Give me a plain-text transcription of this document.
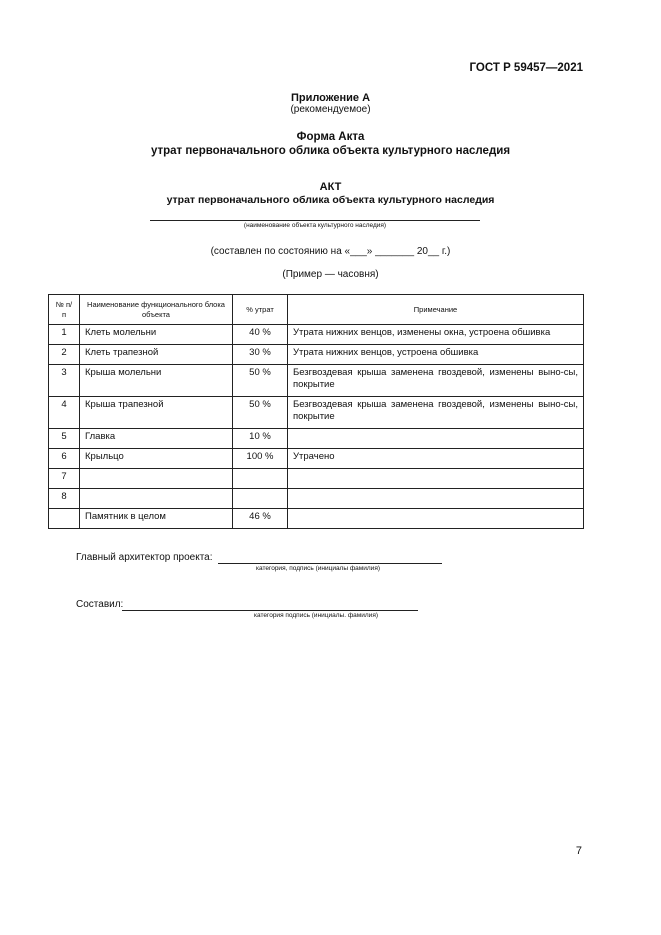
ГОСТ Р 59457—2021
Приложение А
(рекомендуемое)
Форма Акта
утрат первоначального облика объекта культурного наследия
АКТ
утрат первоначального облика объекта культурного наследия
(наименование объекта культурного наследия)
(составлен по состоянию на «___» _______ 20__ г.)
(Пример — часовня)
№ п/п	Наименование функционального блока объекта	% утрат	Примечание
1	Клеть молельни	40 %	Утрата нижних венцов, изменены окна, устроена обшивка
2	Клеть трапезной	30 %	Утрата нижних венцов, устроена обшивка
3	Крыша молельни	50 %	Безгвоздевая крыша заменена гвоздевой, изменены выно-сы, покрытие
4	Крыша трапезной	50 %	Безгвоздевая крыша заменена гвоздевой, изменены выно-сы, покрытие
5	Главка	10 %	
6	Крыльцо	100 %	Утрачено
7			
8			
	Памятник в целом	46 %	
Главный архитектор проекта:
категория, подпись (инициалы фамилия)
Составил:
категория подпись (инициалы. фамилия)
7
